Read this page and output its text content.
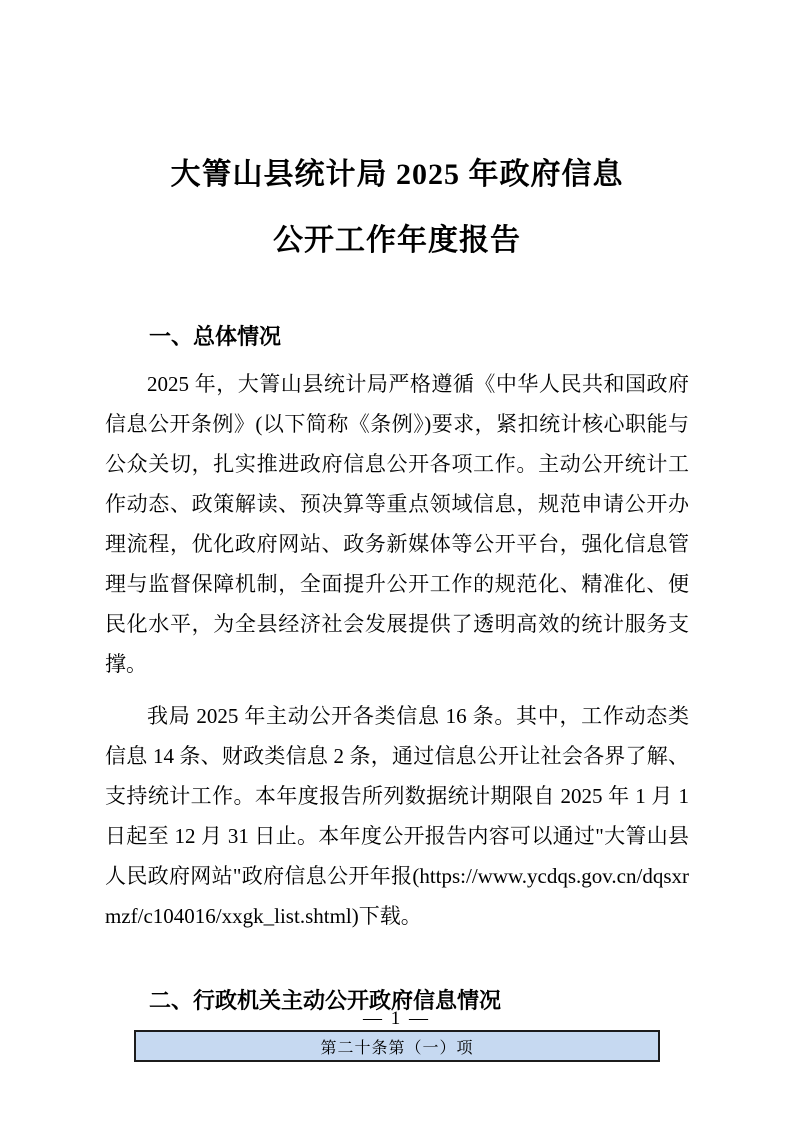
大箐山县统计局 2025 年政府信息
公开工作年度报告
一、总体情况

2025 年，大箐山县统计局严格遵循《中华人民共和国政府信息公开条例》(以下简称《条例》)要求，紧扣统计核心职能与公众关切，扎实推进政府信息公开各项工作。主动公开统计工作动态、政策解读、预决算等重点领域信息，规范申请公开办理流程，优化政府网站、政务新媒体等公开平台，强化信息管理与监督保障机制，全面提升公开工作的规范化、精准化、便民化水平，为全县经济社会发展提供了透明高效的统计服务支撑。

我局 2025 年主动公开各类信息 16 条。其中，工作动态类信息 14 条、财政类信息 2 条，通过信息公开让社会各界了解、支持统计工作。本年度报告所列数据统计期限自 2025 年 1 月 1 日起至 12 月 31 日止。本年度公开报告内容可以通过"大箐山县人民政府网站"政府信息公开年报(https://www.ycdqs.gov.cn/dqsxrmzf/c104016/xxgk_list.shtml)下载。

二、行政机关主动公开政府信息情况
第二十条第（一）项
— 1 —
